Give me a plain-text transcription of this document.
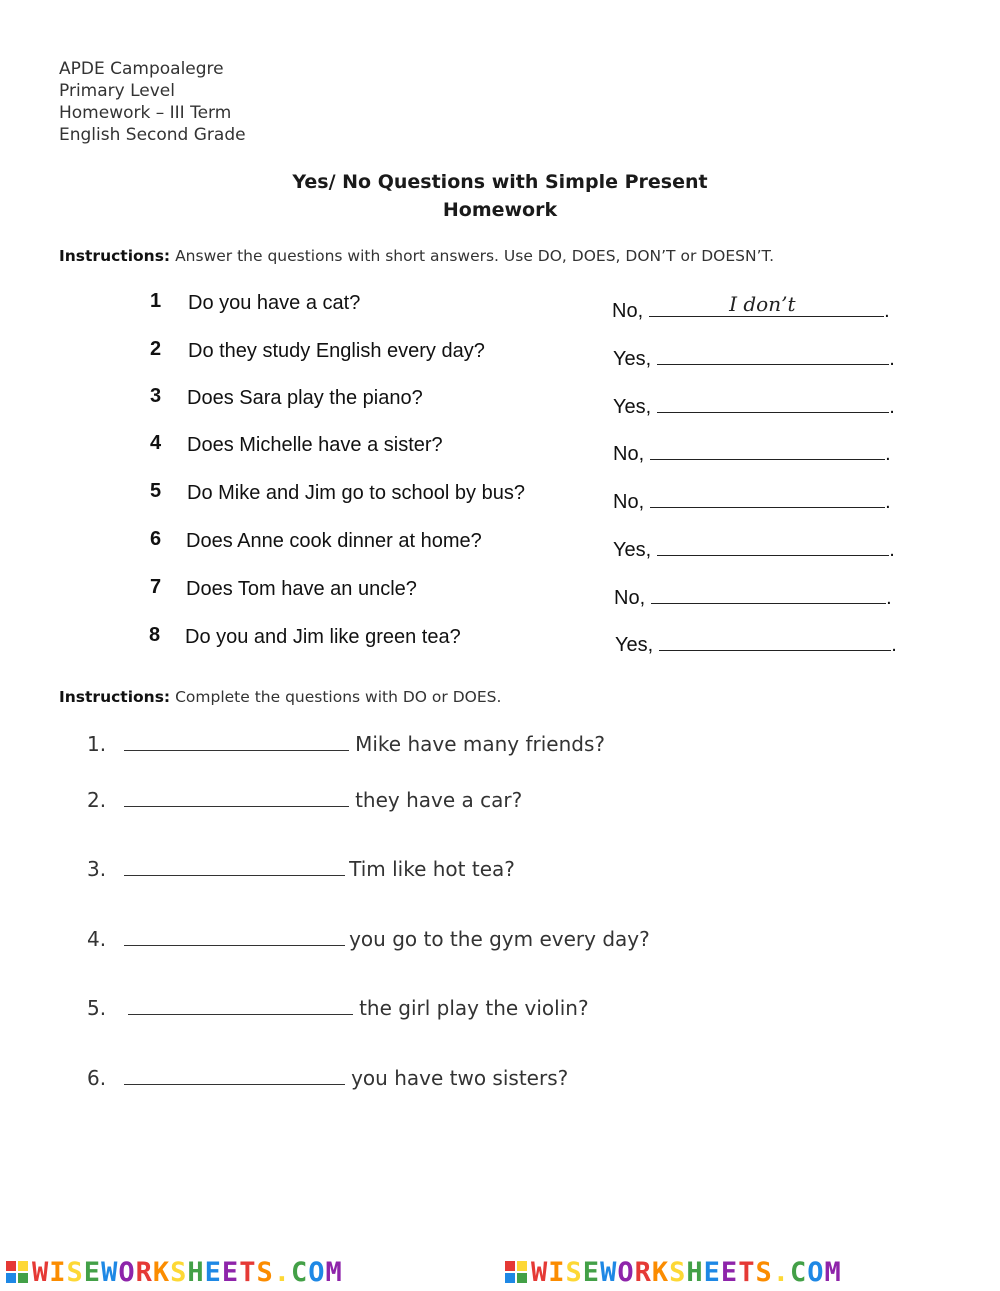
APDE Campoalegre
Primary Level
Homework – III Term
English Second Grade
Yes/ No Questions with Simple Present
Homework
Instructions: Answer the questions with short answers. Use DO, DOES, DON’T or DOESN’T.
1 Do you have a cat?	No,	I don’t	.
2 Do they study English every day?	Yes,	.
3 Does Sara play the piano?	Yes,	.
4 Does Michelle have a sister?	No,	.
5 Do Mike and Jim go to school by bus?	No,	.
6 Does Anne cook dinner at home?	Yes,	.
7 Does Tom have an uncle?	No,	.
8 Do you and Jim like green tea?	Yes,	.
Instructions: Complete the questions with DO or DOES.
1.	Mike have many friends?
2.	they have a car?
3.	Tim like hot tea?
4.	you go to the gym every day?
5.	the girl play the violin?
6.	you have two sisters?
WISEWORKSHEETS.COM	WISEWORKSHEETS.COM
